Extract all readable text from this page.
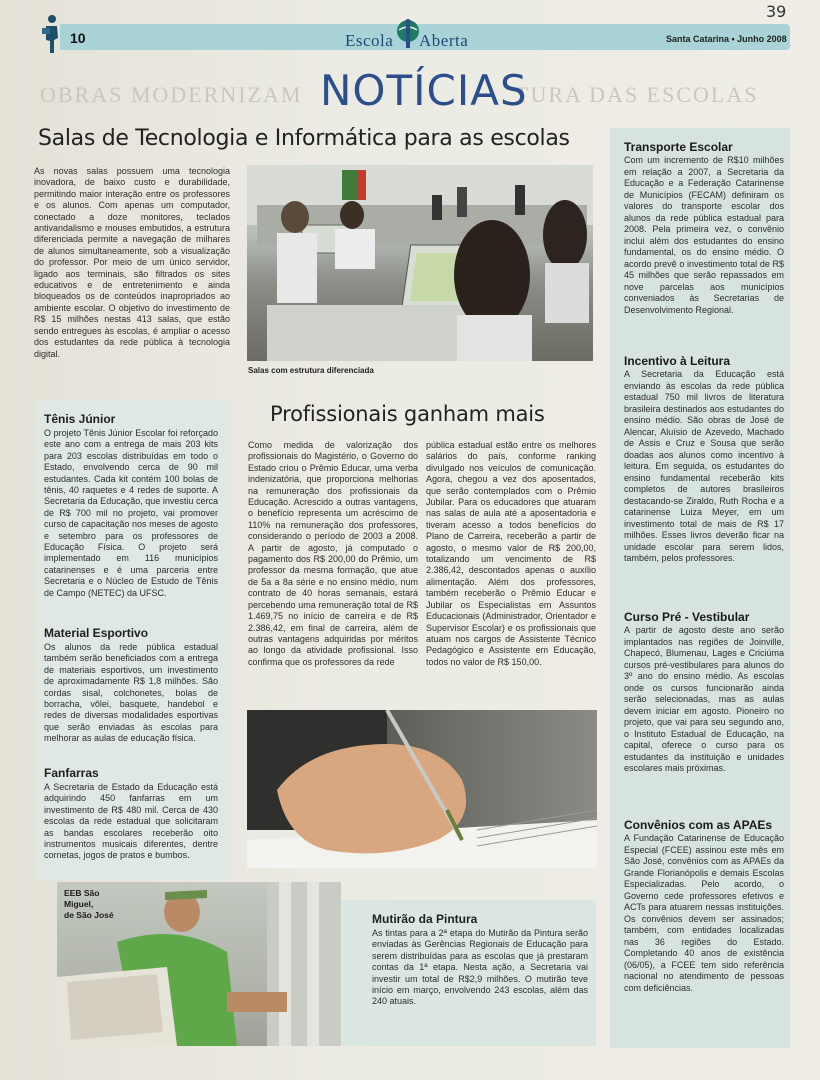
10	Escola Aberta	Santa Catarina • Junho 2008
39
OBRAS MODERNIZAM	TURA DAS ESCOLAS
NOTÍCIAS
Salas de Tecnologia e Informática para as escolas
As novas salas possuem uma tecnologia inovadora, de baixo custo e durabilidade, permitindo maior interação entre os professores e os alunos. Com apenas um computador, conectado a doze monitores, teclados antivandalismo e mouses embutidos, a estrutura diferenciada permite a navegação de milhares de alunos simultaneamente, sob a visualização do professor. Por meio de um único servidor, ligado aos terminais, são filtrados os sites educativos e de entretenimento e ainda bloqueados os de conteúdos inapropriados ao ambiente escolar. O objetivo do investimento de R$ 15 milhões nestas 413 salas, que estão sendo entregues às escolas, é ampliar o acesso dos estudantes da rede pública à tecnologia digital.
Salas com estrutura diferenciada
Tênis Júnior
O projeto Tênis Júnior Escolar foi reforçado este ano com a entrega de mais 203 kits para 203 escolas distribuídas em todo o Estado, envolvendo cerca de 90 mil estudantes. Cada kit contém 100 bolas de tênis, 40 raquetes e 4 redes de suporte. A Secretaria da Educação, que investiu cerca de R$ 700 mil no projeto, vai promover curso de capacitação nos meses de agosto e setembro para os professores de Educação Física. O projeto será implementado em 116 municípios catarinenses e é uma parceria entre Secretaria e o Núcleo de Estudo de Tênis de Campo (NETEC) da UFSC.
Material Esportivo
Os alunos da rede pública estadual também serão beneficiados com a entrega de materiais esportivos, um investimento de aproximadamente R$ 1,8 milhões. São cordas sisal, colchonetes, bolas de borracha, vôlei, basquete, handebol e redes de diversas modalidades esportivas que serão enviadas às escolas para melhorar as aulas de educação física.
Fanfarras
A Secretaria de Estado da Educação está adquirindo 450 fanfarras em um investimento de R$ 480 mil. Cerca de 430 escolas da rede estadual que solicitaram as bandas escolares receberão oito instrumentos musicais diferentes, dentre cornetas, jogos de pratos e bumbos.
Profissionais ganham mais
Como medida de valorização dos profissionais do Magistério, o Governo do Estado criou o Prêmio Educar, uma verba indenizatória, que proporciona melhorias na remuneração dos profissionais da Educação. Acrescido a outras vantagens, o benefício representa um acréscimo de 110% na remuneração dos professores, considerando o período de 2003 a 2008. A partir de agosto, já computado o pagamento dos R$ 200,00 do Prêmio, um professor da mesma formação, que atue de 5a a 8a série e no ensino médio, num contrato de 40 horas semanais, estará percebendo uma remuneração total de R$ 1.469,75 no início de carreira e de R$ 2.386,42, em final de carreira, além de outras vantagens adquiridas por méritos ao longo da atividade profissional. Isso confirma que os professores da rede
pública estadual estão entre os melhores salários do país, conforme ranking divulgado nos veículos de comunicação. Agora, chegou a vez dos aposentados, que serão contemplados com o Prêmio Jubilar. Para os educadores que atuaram nas salas de aula até a aposentadoria e tiveram acesso a todos benefícios do Plano de Carreira, receberão a partir de agosto, o mesmo valor de R$ 200,00, totalizando um vencimento de R$ 2.386,42, descontados apenas o auxílio alimentação. Além dos professores, também receberão o Prêmio Educar e Jubilar os Especialistas em Assuntos Educacionais (Administrador, Orientador e Supervisor Escolar) e os profissionais que atuam nos cargos de Assistente Técnico Pedagógico e Assistente em Educação, todos no valor de R$ 150,00.
EEB São
Miguel,
de São José	Mutirão da Pintura
As tintas para a 2ª etapa do Mutirão da Pintura serão enviadas às Gerências Regionais de Educação para serem distribuídas para as escolas que já prestaram contas da 1ª etapa. Nesta ação, a Secretaria vai investir um total de R$2,9 milhões. O mutirão teve início em março, envolvendo 243 escolas, além das 240 atuais.
Transporte Escolar
Com um incremento de R$10 milhões em relação a 2007, a Secretaria da Educação e a Federação Catarinense de Municípios (FECAM) definiram os valores do transporte escolar dos alunos da rede pública estadual para 2008. Pela primeira vez, o convênio inclui além dos estudantes do ensino fundamental, os do ensino médio. O acordo prevê o investimento total de R$ 45 milhões que serão repassados em nove parcelas aos municípios conveniados às Secretarias de Desenvolvimento Regional.
Incentivo à Leitura
A Secretaria da Educação está enviando às escolas da rede pública estadual 750 mil livros de literatura brasileira destinados aos estudantes do ensino médio. São obras de José de Alencar, Aluísio de Azevedo, Machado de Assis e Cruz e Sousa que serão doadas aos alunos como incentivo à leitura. Em seguida, os estudantes do ensino fundamental receberão kits completos de autores brasileiros destacando-se Ziraldo, Ruth Rocha e a catarinense Luiza Meyer, em um investimento total de mais de R$ 17 milhões. Esses livros deverão ficar na unidade escolar para serem lidos, também, pelos professores.
Curso Pré - Vestibular
A partir de agosto deste ano serão implantados nas regiões de Joinville, Chapecó, Blumenau, Lages e Criciúma cursos pré-vestibulares para alunos do 3º ano do ensino médio. As escolas onde os cursos funcionarão ainda serão selecionadas, mas as aulas devem iniciar em agosto. Pioneiro no projeto, que vai para seu segundo ano, o Instituto Estadual de Educação, na capital, oferece o curso para os estudantes da instituição e unidades escolares mais próximas.
Convênios com as APAEs
A Fundação Catarinense de Educação Especial (FCEE) assinou este mês em São José, convênios com as APAEs da Grande Florianópolis e demais Escolas Especializadas. Pelo acordo, o Governo cede professores efetivos e ACTs para atuarem nessas instituições. Os convênios devem ser assinados; também, com entidades localizadas nas 36 regiões do Estado. Completando 40 anos de existência (06/05), a FCEE tem sido referência nacional no atendimento de pessoas com deficiências.
